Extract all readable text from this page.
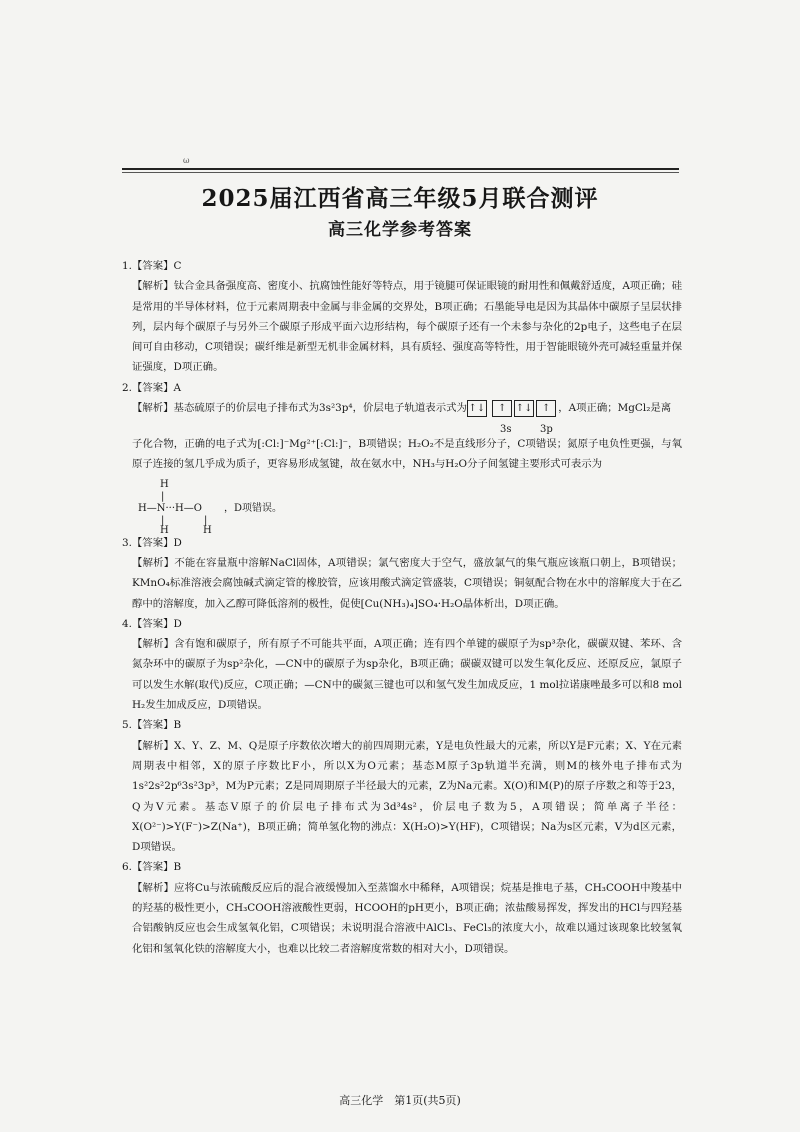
ω
2025届江西省高三年级5月联合测评
高三化学参考答案

1.【答案】C

【解析】钛合金具备强度高、密度小、抗腐蚀性能好等特点，用于镜腿可保证眼镜的耐用性和佩戴舒适度，A项正确；硅是常用的半导体材料，位于元素周期表中金属与非金属的交界处，B项正确；石墨能导电是因为其晶体中碳原子呈层状排列，层内每个碳原子与另外三个碳原子形成平面六边形结构，每个碳原子还有一个未参与杂化的2p电子，这些电子在层间可自由移动，C项错误；碳纤维是新型无机非金属材料，具有质轻、强度高等特性，用于智能眼镜外壳可减轻重量并保证强度，D项正确。

2.【答案】A

【解析】基态硫原子的价层电子排布式为3s²3p⁴，价层电子轨道表示式为 ↑↓ ↑ ↑↓ ↑ ，A项正确；MgCl₂是离
3s	3p

子化合物，正确的电子式为[:Cl:]⁻Mg²⁺[:Cl:]⁻，B项错误；H₂O₂不是直线形分子，C项错误；氮原子电负性更强，与氧原子连接的氢几乎成为质子，更容易形成氢键，故在氨水中，NH₃与H₂O分子间氢键主要形式可表示为

H
|
H—N···H—O ，D项错误。
|	|
H	H

3.【答案】D

【解析】不能在容量瓶中溶解NaCl固体，A项错误；氯气密度大于空气，盛放氯气的集气瓶应该瓶口朝上，B项错误；KMnO₄标准溶液会腐蚀碱式滴定管的橡胶管，应该用酸式滴定管盛装，C项错误；铜氨配合物在水中的溶解度大于在乙醇中的溶解度，加入乙醇可降低溶剂的极性，促使[Cu(NH₃)₄]SO₄·H₂O晶体析出，D项正确。

4.【答案】D

【解析】含有饱和碳原子，所有原子不可能共平面，A项正确；连有四个单键的碳原子为sp³杂化，碳碳双键、苯环、含氮杂环中的碳原子为sp²杂化，—CN中的碳原子为sp杂化，B项正确；碳碳双键可以发生氧化反应、还原反应，氯原子可以发生水解(取代)反应，C项正确；—CN中的碳氮三键也可以和氢气发生加成反应，1 mol拉诺康唑最多可以和8 mol H₂发生加成反应，D项错误。

5.【答案】B

【解析】X、Y、Z、M、Q是原子序数依次增大的前四周期元素，Y是电负性最大的元素，所以Y是F元素；X、Y在元素周期表中相邻，X的原子序数比F小，所以X为O元素；基态M原子3p轨道半充满，则M的核外电子排布式为1s²2s²2p⁶3s²3p³，M为P元素；Z是同周期原子半径最大的元素，Z为Na元素。X(O)和M(P)的原子序数之和等于23，Q为V元素。基态V原子的价层电子排布式为3d³4s²，价层电子数为5，A项错误；简单离子半径：X(O²⁻)>Y(F⁻)>Z(Na⁺)，B项正确；简单氢化物的沸点：X(H₂O)>Y(HF)，C项错误；Na为s区元素，V为d区元素，D项错误。

6.【答案】B

【解析】应将Cu与浓硫酸反应后的混合液缓慢加入至蒸馏水中稀释，A项错误；烷基是推电子基，CH₃COOH中羧基中的羟基的极性更小，CH₃COOH溶液酸性更弱，HCOOH的pH更小，B项正确；浓盐酸易挥发，挥发出的HCl与四羟基合铝酸钠反应也会生成氢氧化铝，C项错误；未说明混合溶液中AlCl₃、FeCl₃的浓度大小，故难以通过该现象比较氢氧化铝和氢氧化铁的溶解度大小，也难以比较二者溶解度常数的相对大小，D项错误。

高三化学　第1页(共5页)
